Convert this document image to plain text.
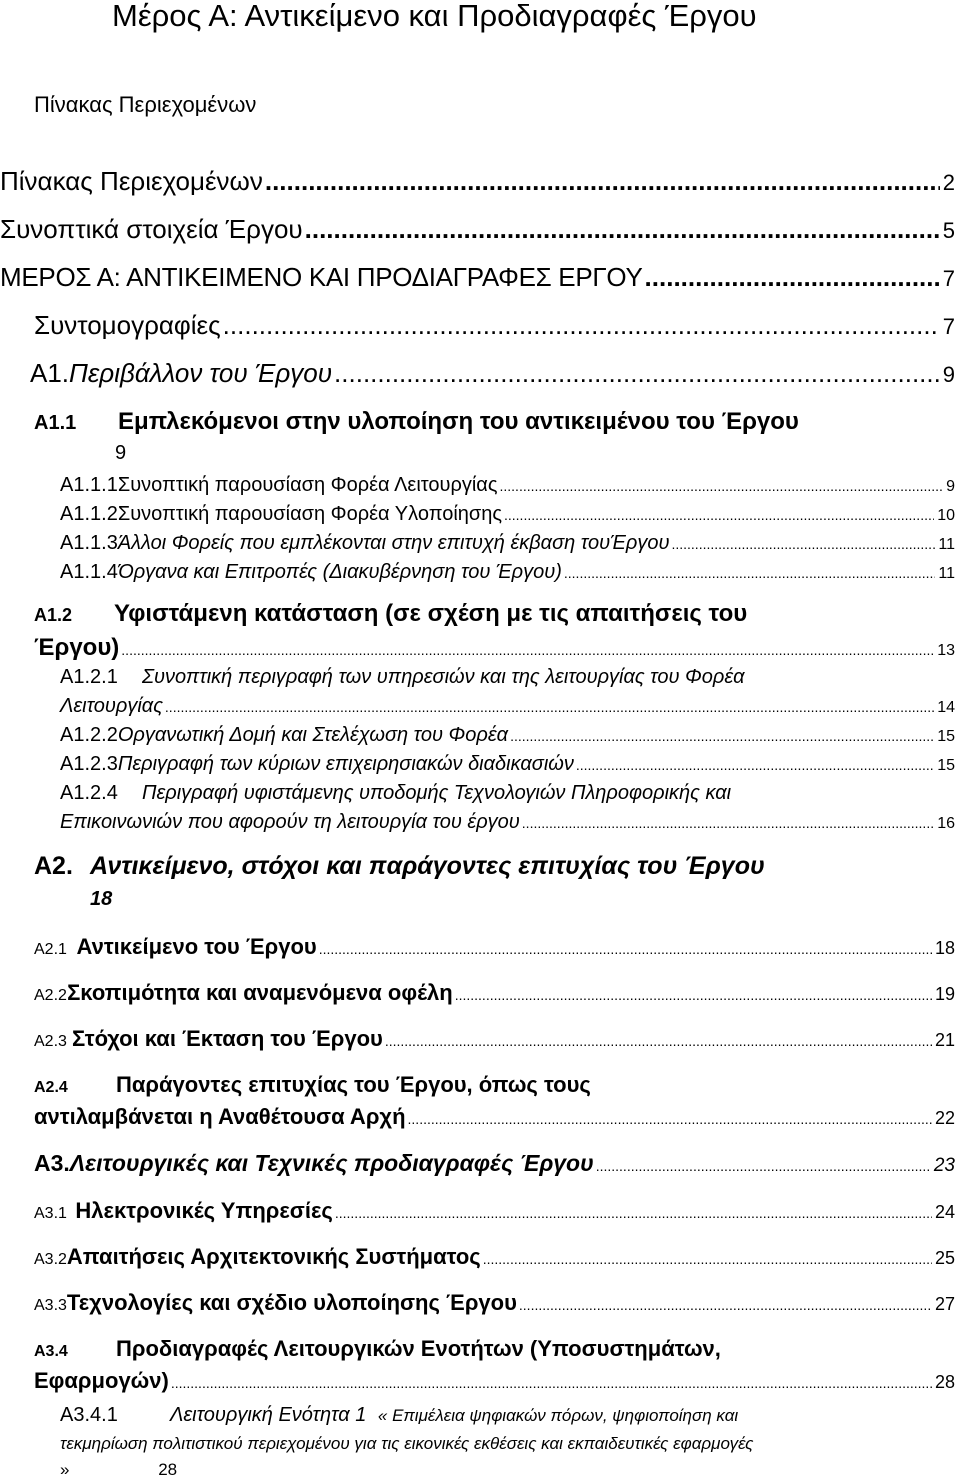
Μέρος Α: Αντικείμενο και Προδιαγραφές Έργου
Πίνακας Περιεχομένων
Πίνακας Περιεχομένων .....	2
Συνοπτικά στοιχεία Έργου .....	5
ΜΕΡΟΣ Α: ΑΝΤΙΚΕΙΜΕΝΟ ΚΑΙ ΠΡΟΔΙΑΓΡΑΦΕΣ ΕΡΓΟΥ .....	7
Συντομογραφίες .....	7
Α1. Περιβάλλον του Έργου .....	9
Α1.1 Εμπλεκόμενοι στην υλοποίηση του αντικειμένου του Έργου
9
Α1.1.1 Συνοπτική παρουσίαση Φορέα Λειτουργίας .....	9
Α1.1.2 Συνοπτική παρουσίαση Φορέα Υλοποίησης .....	10
Α1.1.3 Άλλοι Φορείς που εμπλέκονται στην επιτυχή έκβαση τουΈργου .....	11
Α1.1.4 Όργανα και Επιτροπές (Διακυβέρνηση του Έργου) .....	11
Α1.2 Υφιστάμενη κατάσταση (σε σχέση με τις απαιτήσεις του
Έργου) .....	13
Α1.2.1 Συνοπτική περιγραφή των υπηρεσιών και της λειτουργίας του Φορέα
Λειτουργίας .....	14
Α1.2.2 Οργανωτική Δομή και Στελέχωση του Φορέα .....	15
Α1.2.3 Περιγραφή των κύριων επιχειρησιακών διαδικασιών .....	15
Α1.2.4 Περιγραφή υφιστάμενης υποδομής Τεχνολογιών Πληροφορικής και
Επικοινωνιών που αφορούν τη λειτουργία του έργου .....	16
Α2. Αντικείμενο, στόχοι και παράγοντες επιτυχίας του Έργου
18
Α2.1 Αντικείμενο του Έργου .....	18
Α2.2 Σκοπιμότητα και αναμενόμενα οφέλη .....	19
Α2.3 Στόχοι και Έκταση του Έργου .....	21
Α2.4 Παράγοντες επιτυχίας του Έργου, όπως τους
αντιλαμβάνεται η Αναθέτουσα Αρχή .....	22
Α3. Λειτουργικές και Τεχνικές προδιαγραφές Έργου .....	23
Α3.1 Ηλεκτρονικές Υπηρεσίες .....	24
Α3.2 Απαιτήσεις Αρχιτεκτονικής Συστήματος .....	25
Α3.3 Τεχνολογίες και σχέδιο υλοποίησης Έργου .....	27
Α3.4 Προδιαγραφές Λειτουργικών Ενοτήτων (Υποσυστημάτων,
Εφαρμογών) .....	28
Α3.4.1	Λειτουργική Ενότητα 1 « Επιμέλεια ψηφιακών πόρων, ψηφιοποίηση και
τεκμηρίωση πολιτιστικού περιεχομένου για τις εικονικές εκθέσεις και εκπαιδευτικές εφαρμογές
»	28
